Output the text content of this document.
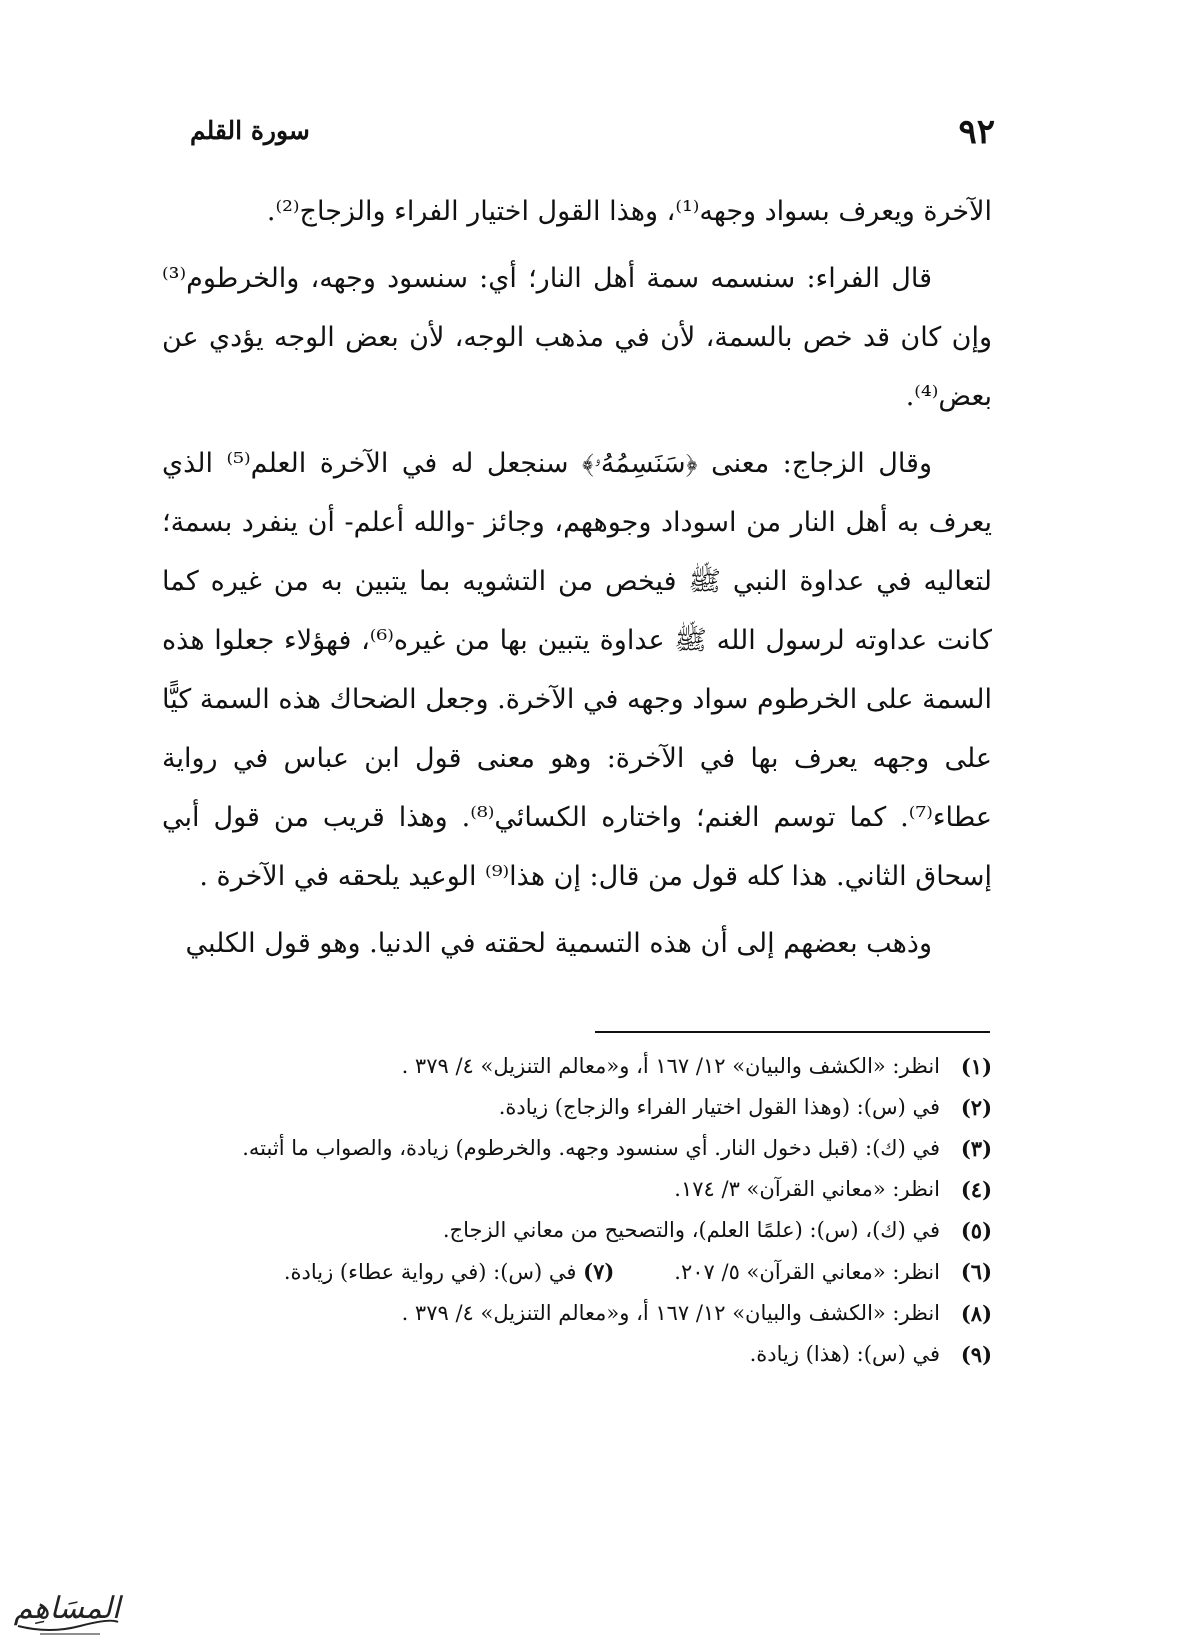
٩٢
سورة القلم

الآخرة ويعرف بسواد وجهه⁽¹⁾، وهذا القول اختيار الفراء والزجاج⁽²⁾.

قال الفراء: سنسمه سمة أهل النار؛ أي: سنسود وجهه، والخرطوم⁽³⁾ وإن كان قد خص بالسمة، لأن في مذهب الوجه، لأن بعض الوجه يؤدي عن بعض⁽⁴⁾.

وقال الزجاج: معنى ﴿سَنَسِمُهُۥ﴾ سنجعل له في الآخرة العلم⁽⁵⁾ الذي يعرف به أهل النار من اسوداد وجوههم، وجائز -والله أعلم- أن ينفرد بسمة؛ لتعاليه في عداوة النبي ﷺ فيخص من التشويه بما يتبين به من غيره كما كانت عداوته لرسول الله ﷺ عداوة يتبين بها من غيره⁽⁶⁾، فهؤلاء جعلوا هذه السمة على الخرطوم سواد وجهه في الآخرة. وجعل الضحاك هذه السمة كيًّا على وجهه يعرف بها في الآخرة: وهو معنى قول ابن عباس في رواية عطاء⁽⁷⁾. كما توسم الغنم؛ واختاره الكسائي⁽⁸⁾. وهذا قريب من قول أبي إسحاق الثاني. هذا كله قول من قال: إن هذا⁽⁹⁾ الوعيد يلحقه في الآخرة .

وذهب بعضهم إلى أن هذه التسمية لحقته في الدنيا. وهو قول الكلبي

(١)
انظر: «الكشف والبيان» ١٢/ ١٦٧ أ، و«معالم التنزيل» ٤/ ٣٧٩ .
(٢)
في (س): (وهذا القول اختيار الفراء والزجاج) زيادة.
(٣)
في (ك): (قبل دخول النار. أي سنسود وجهه. والخرطوم) زيادة، والصواب ما أثبته.
(٤)
انظر: «معاني القرآن» ٣/ ١٧٤.
(٥)
في (ك)، (س): (علمًا العلم)، والتصحيح من معاني الزجاج.
(٦)
انظر: «معاني القرآن» ٥/ ٢٠٧.(٧) في (س): (في رواية عطاء) زيادة.
(٨)
انظر: «الكشف والبيان» ١٢/ ١٦٧ أ، و«معالم التنزيل» ٤/ ٣٧٩ .
(٩)
في (س): (هذا) زيادة.
المسَاهِم
